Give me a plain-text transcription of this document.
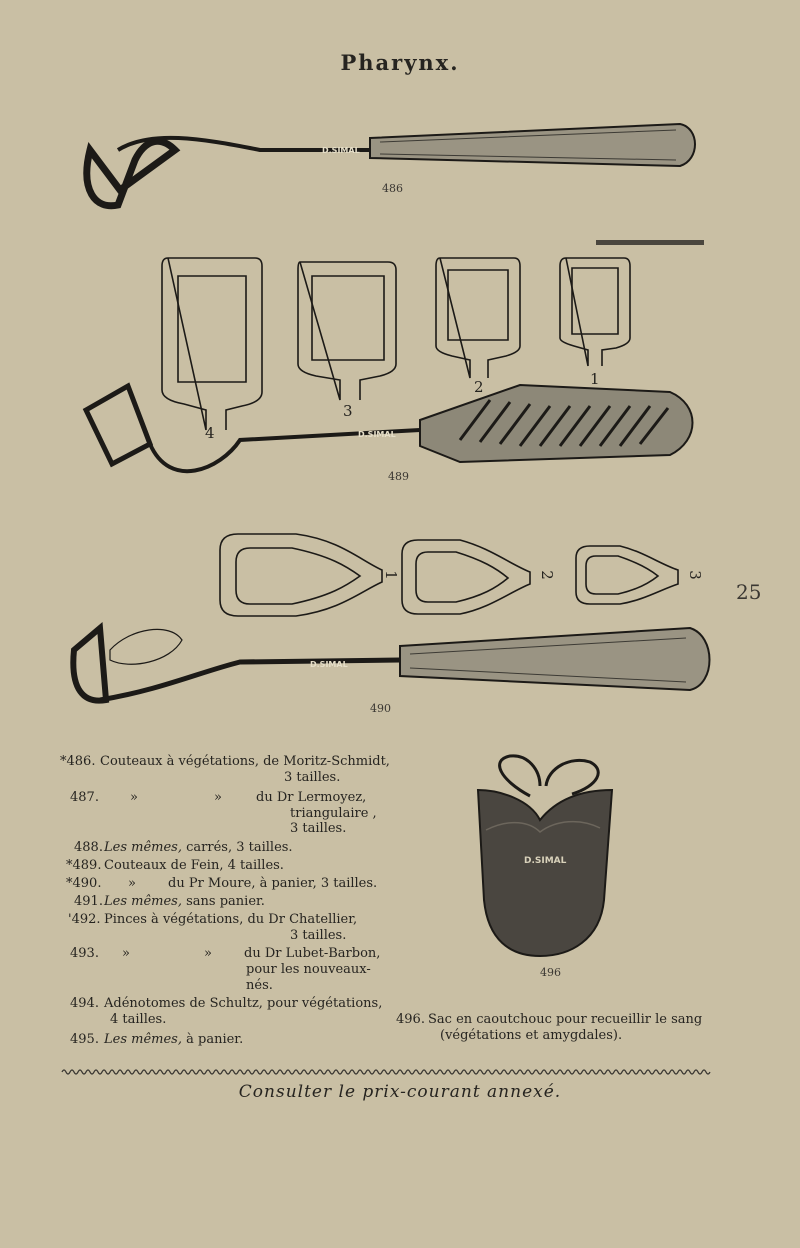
Pharynx.
25
D.SIMAL
486
D.SIMAL
4
3
2	1
489
D.SIMAL
1	2	3
490
D.SIMAL
496
*486. Couteaux à végétations, de Moritz-Schmidt,
3 tailles.
487. »	»	du Dr Lermoyez,
triangulaire ,
3 tailles.
488.Les mêmes, carrés, 3 tailles.
*489. Couteaux de Fein, 4 tailles.
*490. » du Pr Moure, à panier, 3 tailles.
491.Les mêmes, sans panier.
'492. Pinces à végétations, du Dr Chatellier,
3 tailles.
493. »	» du Dr Lubet-Barbon,
pour les nouveaux-
nés.
494. Adénotomes de Schultz, pour végétations,
4 tailles.
495. Les mêmes, à panier.
496. Sac en caoutchouc pour recueillir le sang
(végétations et amygdales).
Consulter le prix-courant annexé.
